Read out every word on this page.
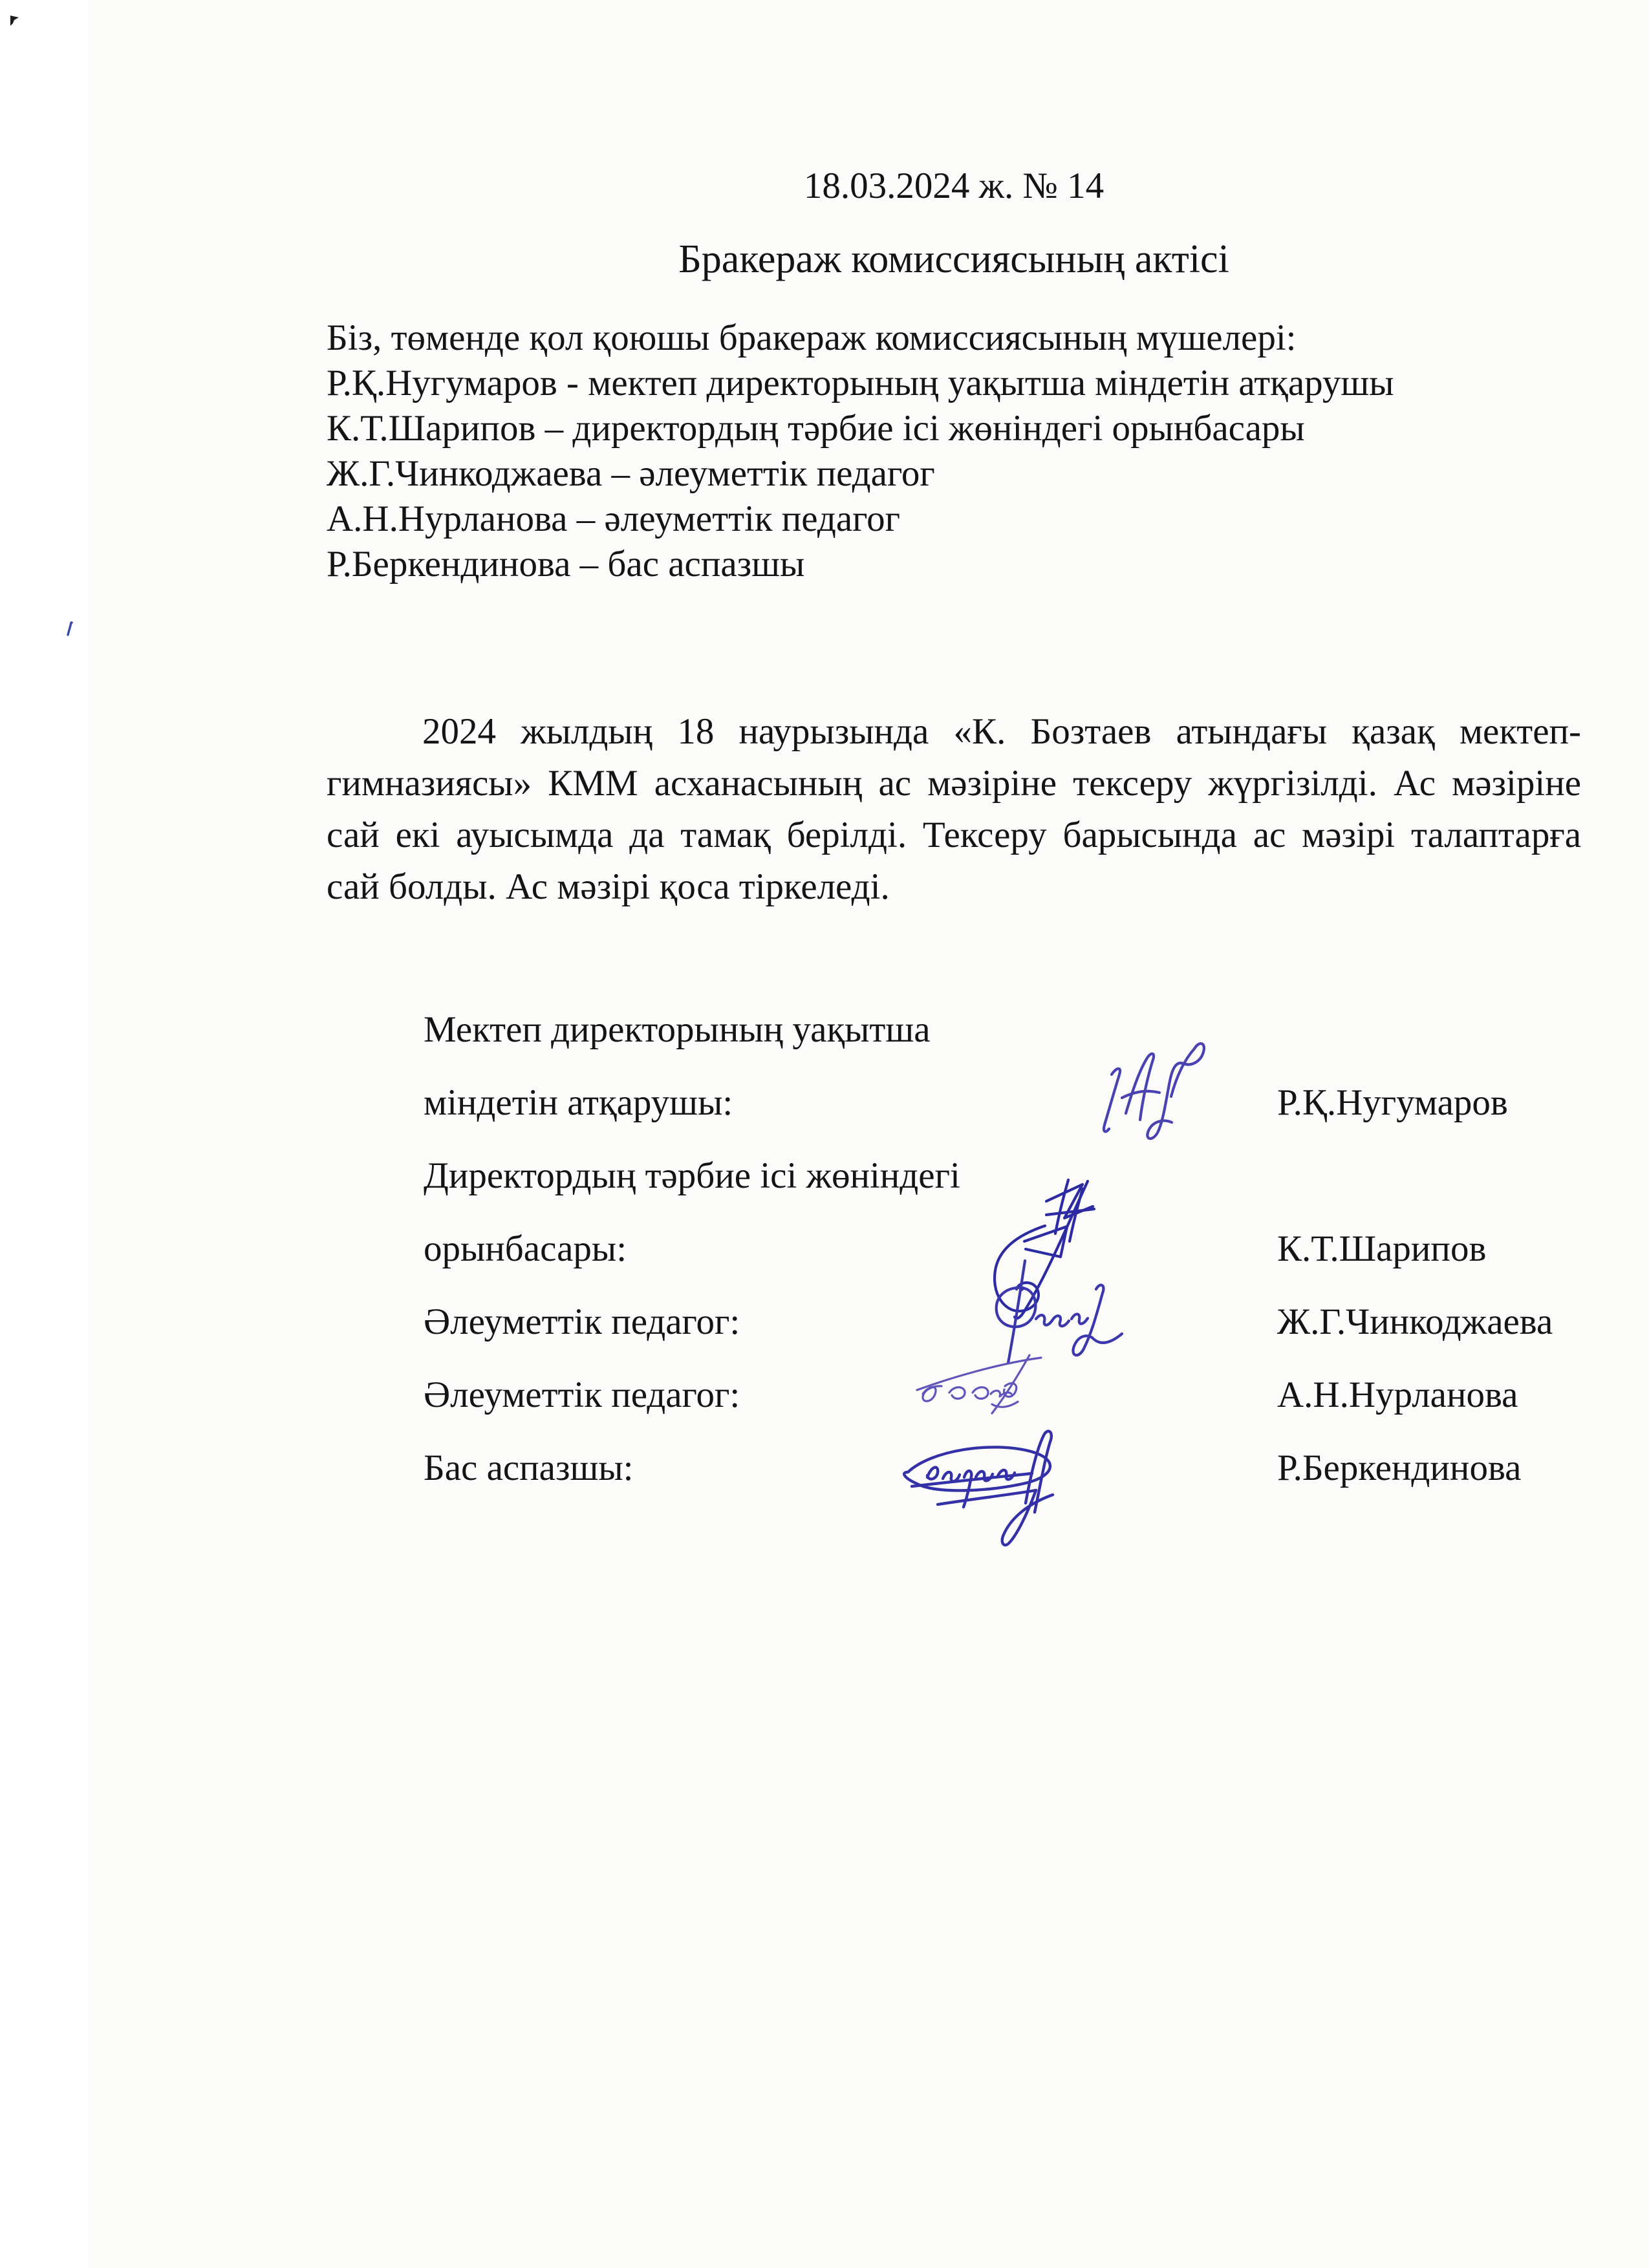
18.03.2024 ж. № 14
Бракераж комиссиясының актісі
Біз, төменде қол қоюшы бракераж комиссиясының мүшелері:
Р.Қ.Нугумаров - мектеп директорының уақытша міндетін атқарушы
К.Т.Шарипов – директордың тәрбие ісі жөніндегі орынбасары
Ж.Г.Чинкоджаева – әлеуметтік педагог
А.Н.Нурланова – әлеуметтік педагог
Р.Беркендинова – бас аспазшы
2024 жылдың 18 наурызында «К. Бозтаев атындағы қазақ мектеп-
гимназиясы» КММ асханасының ас мәзіріне тексеру жүргізілді. Ас мәзіріне
сай екі ауысымда да тамақ берілді. Тексеру барысында ас мәзірі талаптарға
сай болды. Ас мәзірі қоса тіркеледі.
Мектеп директорының уақытша
міндетін атқарушы:
Директордың тәрбие ісі жөніндегі
орынбасары:
Әлеуметтік педагог:
Әлеуметтік педагог:
Бас аспазшы:
Р.Қ.Нугумаров
К.Т.Шарипов
Ж.Г.Чинкоджаева
А.Н.Нурланова
Р.Беркендинова
